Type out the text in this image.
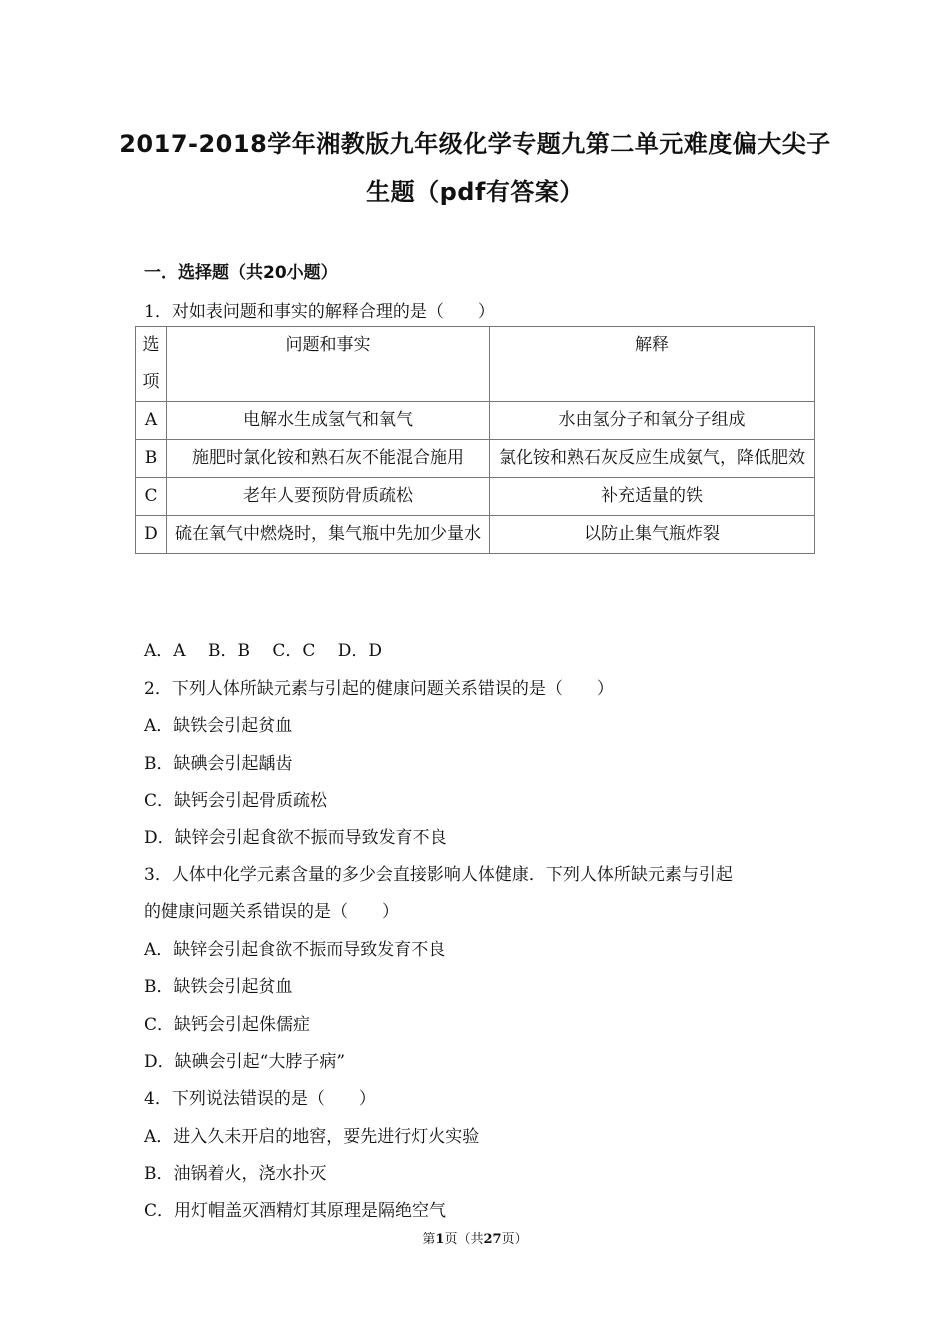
2017-2018学年湘教版九年级化学专题九第二单元难度偏大尖子
生题（pdf有答案）
一．选择题（共20小题）
1．对如表问题和事实的解释合理的是（　　）
选
项	问题和事实	解释
A	电解水生成氢气和氧气	水由氢分子和氧分子组成
B	施肥时氯化铵和熟石灰不能混合施用	氯化铵和熟石灰反应生成氨气，降低肥效
C	老年人要预防骨质疏松	补充适量的铁
D	硫在氧气中燃烧时，集气瓶中先加少量水	以防止集气瓶炸裂
A．A　 B．B　 C．C　 D．D
2．下列人体所缺元素与引起的健康问题关系错误的是（　　）
A．缺铁会引起贫血
B．缺碘会引起龋齿
C．缺钙会引起骨质疏松
D．缺锌会引起食欲不振而导致发育不良
3．人体中化学元素含量的多少会直接影响人体健康．下列人体所缺元素与引起
的健康问题关系错误的是（　　）
A．缺锌会引起食欲不振而导致发育不良
B．缺铁会引起贫血
C．缺钙会引起侏儒症
D．缺碘会引起“大脖子病”
4．下列说法错误的是（　　）
A．进入久未开启的地窖，要先进行灯火实验
B．油锅着火，浇水扑灭
C．用灯帽盖灭酒精灯其原理是隔绝空气
第1页（共27页）
